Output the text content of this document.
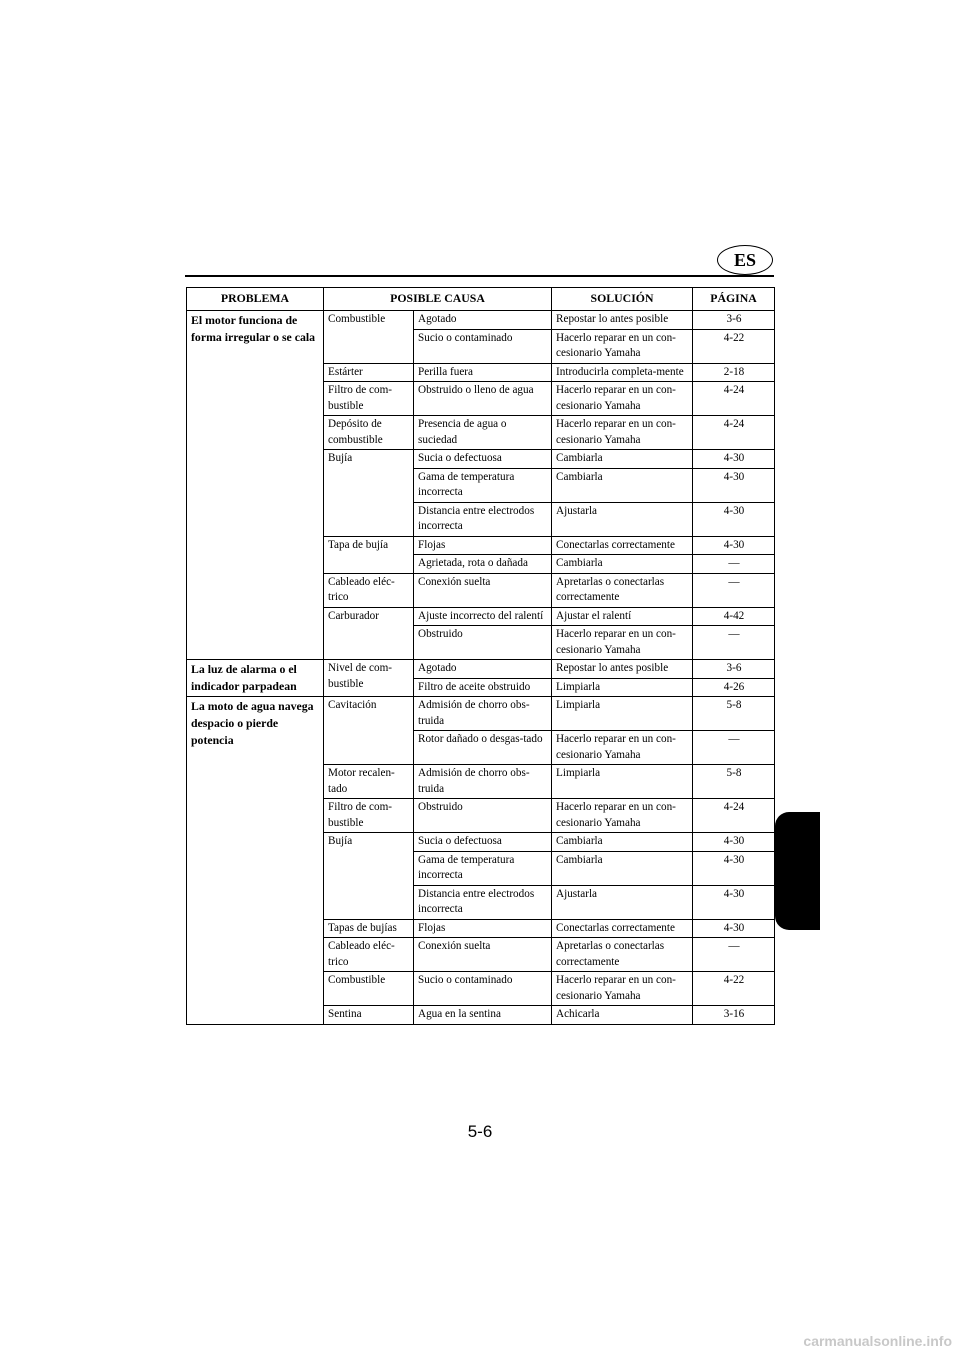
ES
PROBLEMA	POSIBLE CAUSA		SOLUCIÓN	PÁGINA
El motor funciona de forma irregular o se cala	Combustible	Agotado	Repostar lo antes posible	3-6
		Sucio o contaminado	Hacerlo reparar en un con-cesionario Yamaha	4-22
	Estárter	Perilla fuera	Introducirla completa-mente	2-18
	Filtro de com-bustible	Obstruido o lleno de agua	Hacerlo reparar en un con-cesionario Yamaha	4-24
	Depósito de combustible	Presencia de agua o suciedad	Hacerlo reparar en un con-cesionario Yamaha	4-24
	Bujía	Sucia o defectuosa	Cambiarla	4-30
		Gama de temperatura incorrecta	Cambiarla	4-30
		Distancia entre electrodos incorrecta	Ajustarla	4-30
	Tapa de bujía	Flojas	Conectarlas correctamente	4-30
		Agrietada, rota o dañada	Cambiarla	—
	Cableado eléc-trico	Conexión suelta	Apretarlas o conectarlas correctamente	—
	Carburador	Ajuste incorrecto del ralentí	Ajustar el ralentí	4-42
		Obstruido	Hacerlo reparar en un con-cesionario Yamaha	—
La luz de alarma o el indicador parpadean	Nivel de com-bustible	Agotado	Repostar lo antes posible	3-6
		Filtro de aceite obstruido	Limpiarla	4-26
La moto de agua navega despacio o pierde potencia	Cavitación	Admisión de chorro obs-truida	Limpiarla	5-8
		Rotor dañado o desgas-tado	Hacerlo reparar en un con-cesionario Yamaha	—
	Motor recalen-tado	Admisión de chorro obs-truida	Limpiarla	5-8
	Filtro de com-bustible	Obstruido	Hacerlo reparar en un con-cesionario Yamaha	4-24
	Bujía	Sucia o defectuosa	Cambiarla	4-30
		Gama de temperatura incorrecta	Cambiarla	4-30
		Distancia entre electrodos incorrecta	Ajustarla	4-30
	Tapas de bujías	Flojas	Conectarlas correctamente	4-30
	Cableado eléc-trico	Conexión suelta	Apretarlas o conectarlas correctamente	—
	Combustible	Sucio o contaminado	Hacerlo reparar en un con-cesionario Yamaha	4-22
	Sentina	Agua en la sentina	Achicarla	3-16
5-6
carmanualsonline.info
